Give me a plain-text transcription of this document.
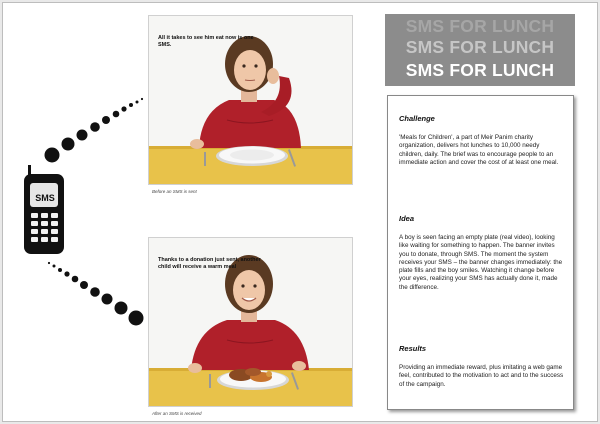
SMS
All it takes to see him eat now is one SMS.
Before an SMS is sent
Thanks to a donation just sent, another child will receive a warm meal
After an SMS is received
SMS FOR LUNCH
SMS FOR LUNCH
SMS FOR LUNCH
Challenge
'Meals for Children', a part of Meir Panim charity organization, delivers hot lunches to 10,000 needy children, daily. The brief was to encourage people to an immediate action and cover the cost of at least one meal.
Idea
A boy is seen facing an empty plate (real video), looking like waiting for something to happen. The banner invites you to donate, through SMS. The moment the system receives your SMS – the banner changes immediately: the plate fills and the boy smiles. Watching it change before your eyes, realizing your SMS has actually done it, made the difference.
Results
Providing an immediate reward, plus imitating a web game feel, contributed to the motivation to act and to the success of the campaign.
